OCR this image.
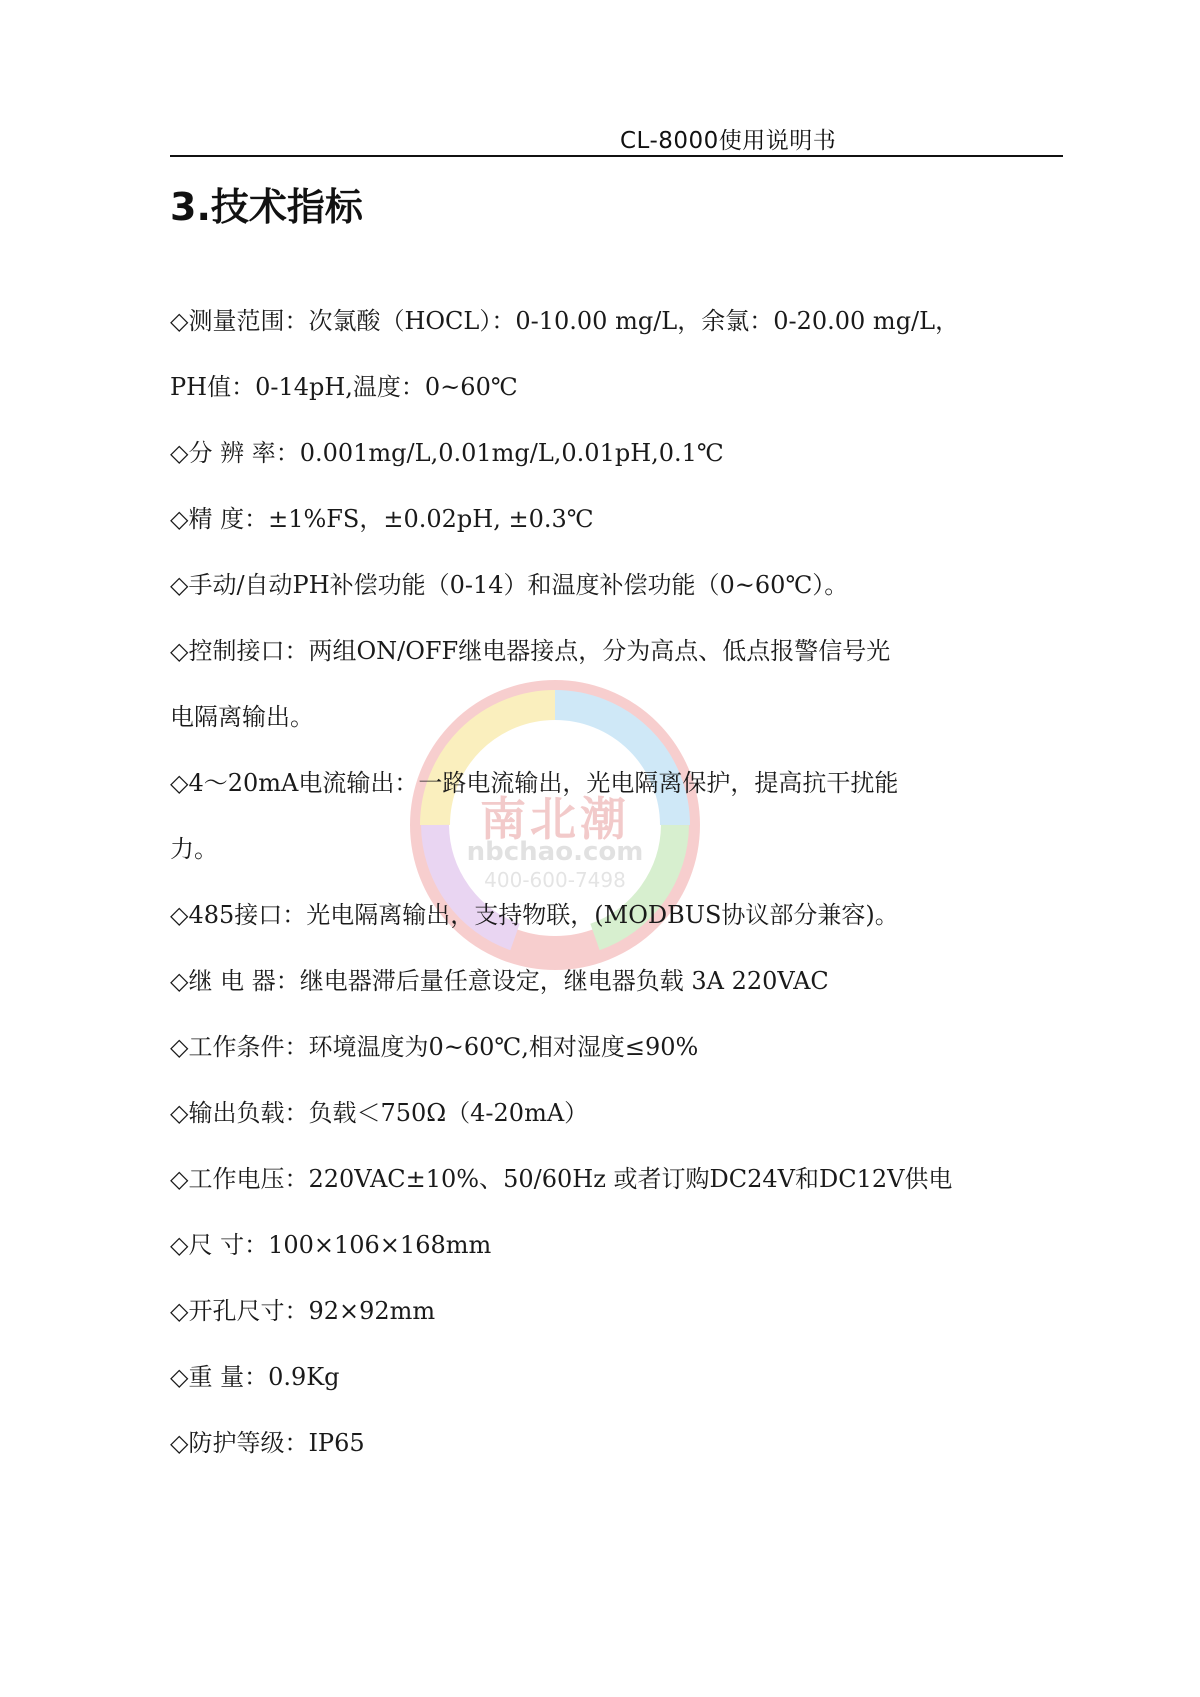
CL-8000使用说明书
3.技术指标
南北潮
nbchao.com
400-600-7498
◇测量范围：次氯酸（HOCL）：0-10.00 mg/L，余氯：0-20.00 mg/L，
PH值：0-14pH,温度：0~60℃
◇分 辨 率：0.001mg/L,0.01mg/L,0.01pH,0.1℃
◇精 度：±1%FS，±0.02pH, ±0.3℃
◇手动/自动PH补偿功能（0-14）和温度补偿功能（0~60℃）。
◇控制接口：两组ON/OFF继电器接点，分为高点、低点报警信号光
电隔离输出。
◇4～20mA电流输出：一路电流输出，光电隔离保护，提高抗干扰能
力。
◇485接口：光电隔离输出，支持物联，(MODBUS协议部分兼容)。
◇继 电 器：继电器滞后量任意设定，继电器负载 3A 220VAC
◇工作条件：环境温度为0~60℃,相对湿度≤90%
◇输出负载：负载＜750Ω（4-20mA）
◇工作电压：220VAC±10%、50/60Hz 或者订购DC24V和DC12V供电
◇尺 寸：100×106×168mm
◇开孔尺寸：92×92mm
◇重 量：0.9Kg
◇防护等级：IP65
